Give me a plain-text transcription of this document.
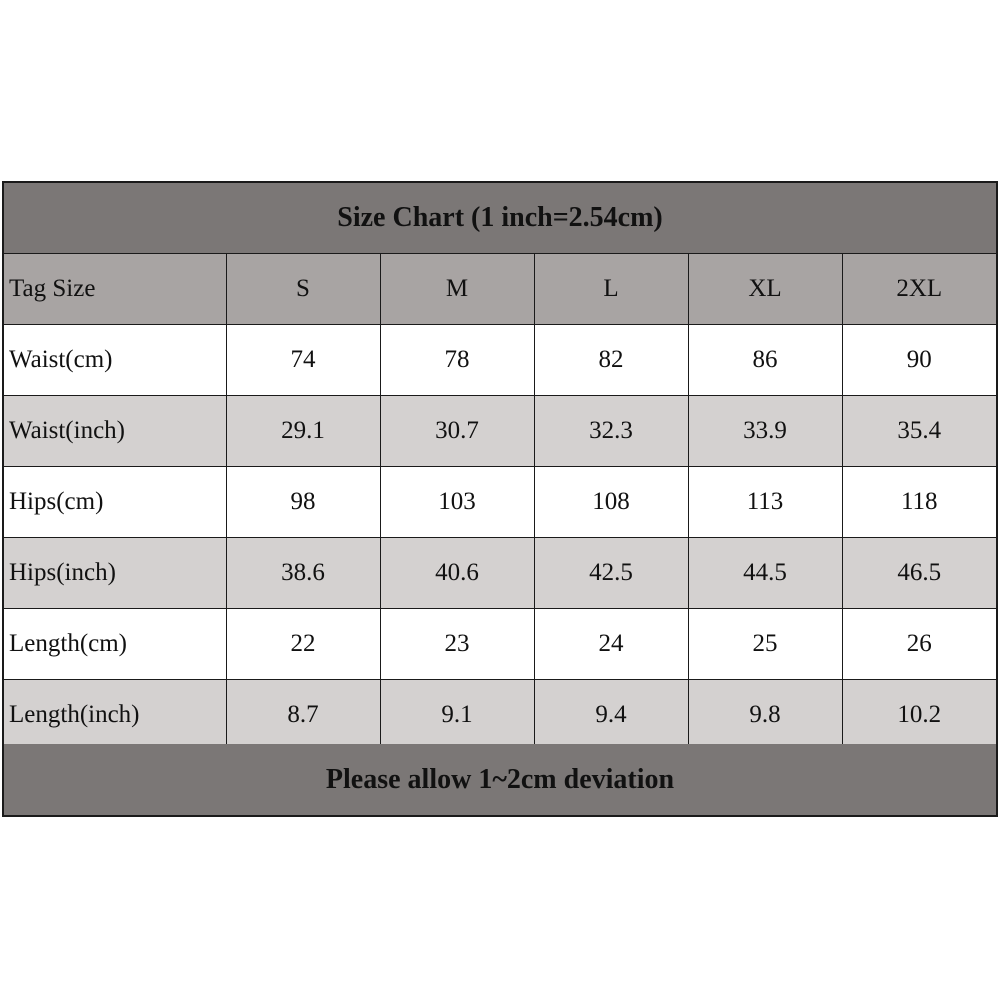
Size Chart (1 inch=2.54cm)
Tag Size	S	M	L	XL	2XL
Waist(cm)	74	78	82	86	90
Waist(inch)	29.1	30.7	32.3	33.9	35.4
Hips(cm)	98	103	108	113	118
Hips(inch)	38.6	40.6	42.5	44.5	46.5
Length(cm)	22	23	24	25	26
Length(inch)	8.7	9.1	9.4	9.8	10.2
Please allow 1~2cm deviation
